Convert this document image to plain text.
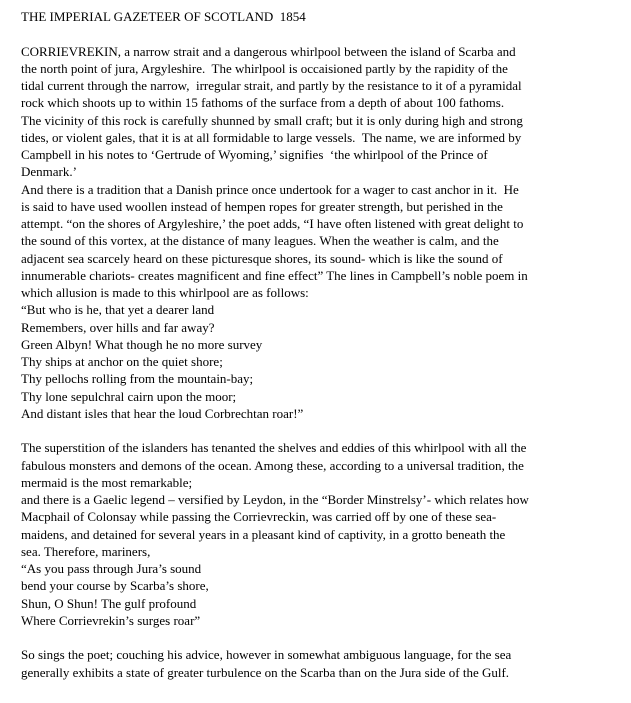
THE IMPERIAL GAZETEER OF SCOTLAND  1854
CORRIEVREKIN, a narrow strait and a dangerous whirlpool between the island of Scarba and
the north point of jura, Argyleshire.  The whirlpool is occaisioned partly by the rapidity of the
tidal current through the narrow,  irregular strait, and partly by the resistance to it of a pyramidal
rock which shoots up to within 15 fathoms of the surface from a depth of about 100 fathoms.
The vicinity of this rock is carefully shunned by small craft; but it is only during high and strong
tides, or violent gales, that it is at all formidable to large vessels.  The name, we are informed by
Campbell in his notes to ‘Gertrude of Wyoming,’ signifies  ‘the whirlpool of the Prince of
Denmark.’
And there is a tradition that a Danish prince once undertook for a wager to cast anchor in it.  He
is said to have used woollen instead of hempen ropes for greater strength, but perished in the
attempt. “on the shores of Argyleshire,’ the poet adds, “I have often listened with great delight to
the sound of this vortex, at the distance of many leagues. When the weather is calm, and the
adjacent sea scarcely heard on these picturesque shores, its sound- which is like the sound of
innumerable chariots- creates magnificent and fine effect” The lines in Campbell’s noble poem in
which allusion is made to this whirlpool are as follows:
“But who is he, that yet a dearer land
Remembers, over hills and far away?
Green Albyn! What though he no more survey
Thy ships at anchor on the quiet shore;
Thy pellochs rolling from the mountain-bay;
Thy lone sepulchral cairn upon the moor;
And distant isles that hear the loud Corbrechtan roar!”
The superstition of the islanders has tenanted the shelves and eddies of this whirlpool with all the
fabulous monsters and demons of the ocean. Among these, according to a universal tradition, the
mermaid is the most remarkable;
and there is a Gaelic legend – versified by Leydon, in the “Border Minstrelsy’- which relates how
Macphail of Colonsay while passing the Corrievreckin, was carried off by one of these sea-
maidens, and detained for several years in a pleasant kind of captivity, in a grotto beneath the
sea. Therefore, mariners,
“As you pass through Jura’s sound
bend your course by Scarba’s shore,
Shun, O Shun! The gulf profound
Where Corrievrekin’s surges roar”
So sings the poet; couching his advice, however in somewhat ambiguous language, for the sea
generally exhibits a state of greater turbulence on the Scarba than on the Jura side of the Gulf.
